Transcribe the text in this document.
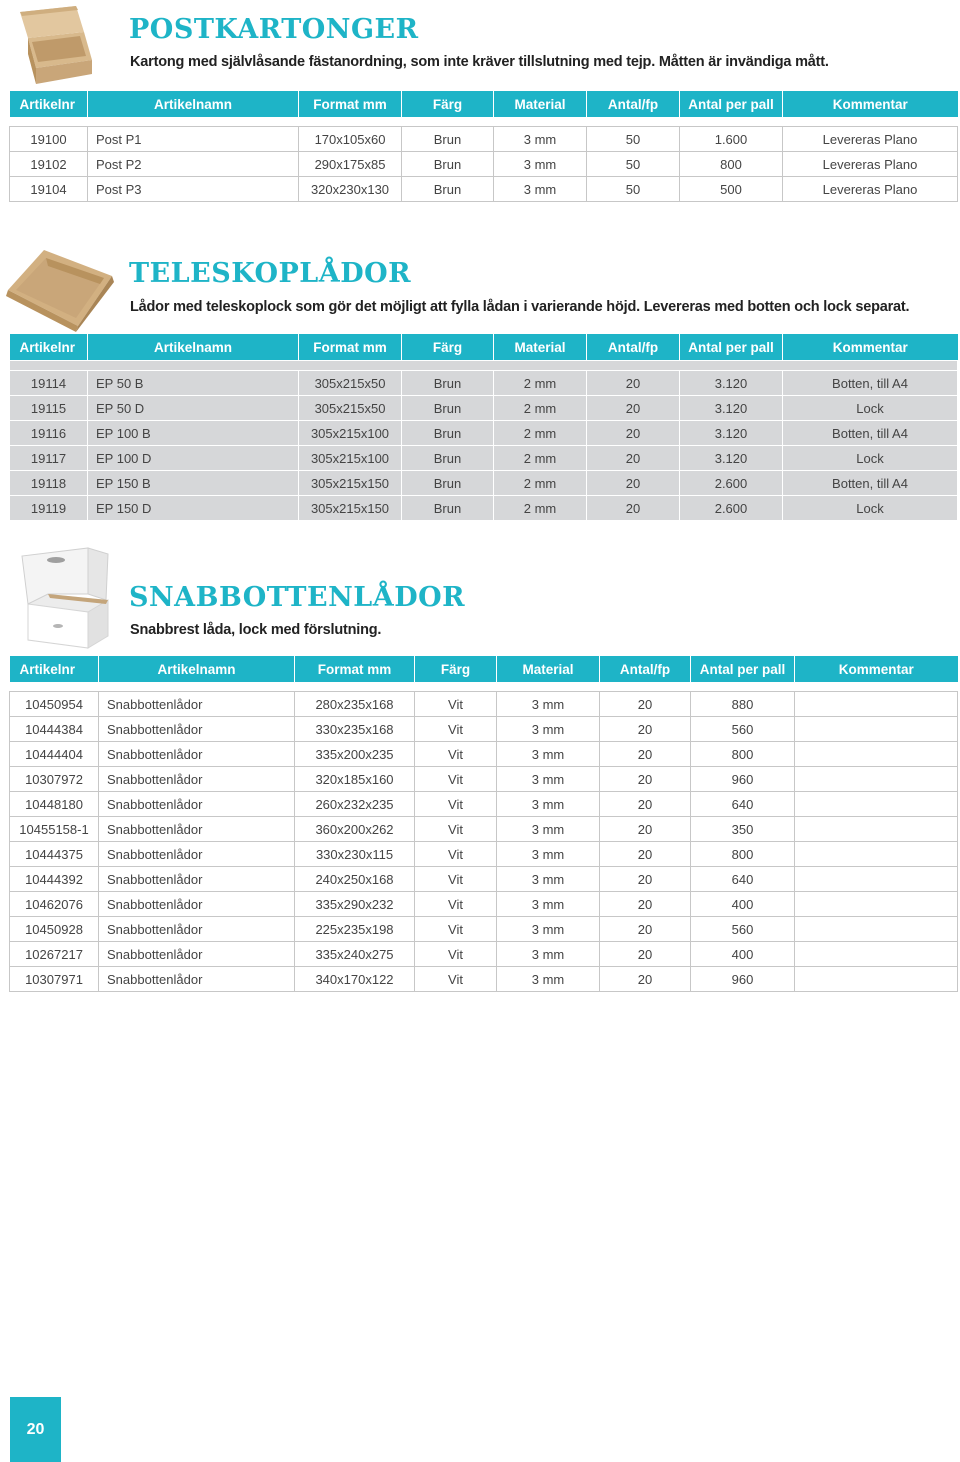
POSTKARTONGER

Kartong med självlåsande fästanordning, som inte kräver tillslutning med tejp. Måtten är invändiga mått.

Artikelnr	Artikelnamn	Format mm	Färg	Material	Antal/fp	Antal per pall	Kommentar

19100	Post P1	170x105x60	Brun	3 mm	50	1.600	Levereras Plano
19102	Post P2	290x175x85	Brun	3 mm	50	800	Levereras Plano
19104	Post P3	320x230x130	Brun	3 mm	50	500	Levereras Plano
TELESKOPLÅDOR

Lådor med teleskoplock som gör det möjligt att fylla lådan i varierande höjd. Levereras med botten och lock separat.

Artikelnr	Artikelnamn	Format mm	Färg	Material	Antal/fp	Antal per pall	Kommentar

19114	EP 50 B	305x215x50	Brun	2 mm	20	3.120	Botten, till A4
19115	EP 50 D	305x215x50	Brun	2 mm	20	3.120	Lock
19116	EP 100 B	305x215x100	Brun	2 mm	20	3.120	Botten, till A4
19117	EP 100 D	305x215x100	Brun	2 mm	20	3.120	Lock
19118	EP 150 B	305x215x150	Brun	2 mm	20	2.600	Botten, till A4
19119	EP 150 D	305x215x150	Brun	2 mm	20	2.600	Lock
SNABBOTTENLÅDOR

Snabbrest låda, lock med förslutning.

Artikelnr	Artikelnamn	Format mm	Färg	Material	Antal/fp	Antal per pall	Kommentar

10450954	Snabbottenlådor	280x235x168	Vit	3 mm	20	880	
10444384	Snabbottenlådor	330x235x168	Vit	3 mm	20	560	
10444404	Snabbottenlådor	335x200x235	Vit	3 mm	20	800	
10307972	Snabbottenlådor	320x185x160	Vit	3 mm	20	960	
10448180	Snabbottenlådor	260x232x235	Vit	3 mm	20	640	
10455158-1	Snabbottenlådor	360x200x262	Vit	3 mm	20	350	
10444375	Snabbottenlådor	330x230x115	Vit	3 mm	20	800	
10444392	Snabbottenlådor	240x250x168	Vit	3 mm	20	640	
10462076	Snabbottenlådor	335x290x232	Vit	3 mm	20	400	
10450928	Snabbottenlådor	225x235x198	Vit	3 mm	20	560	
10267217	Snabbottenlådor	335x240x275	Vit	3 mm	20	400	
10307971	Snabbottenlådor	340x170x122	Vit	3 mm	20	960	
20
